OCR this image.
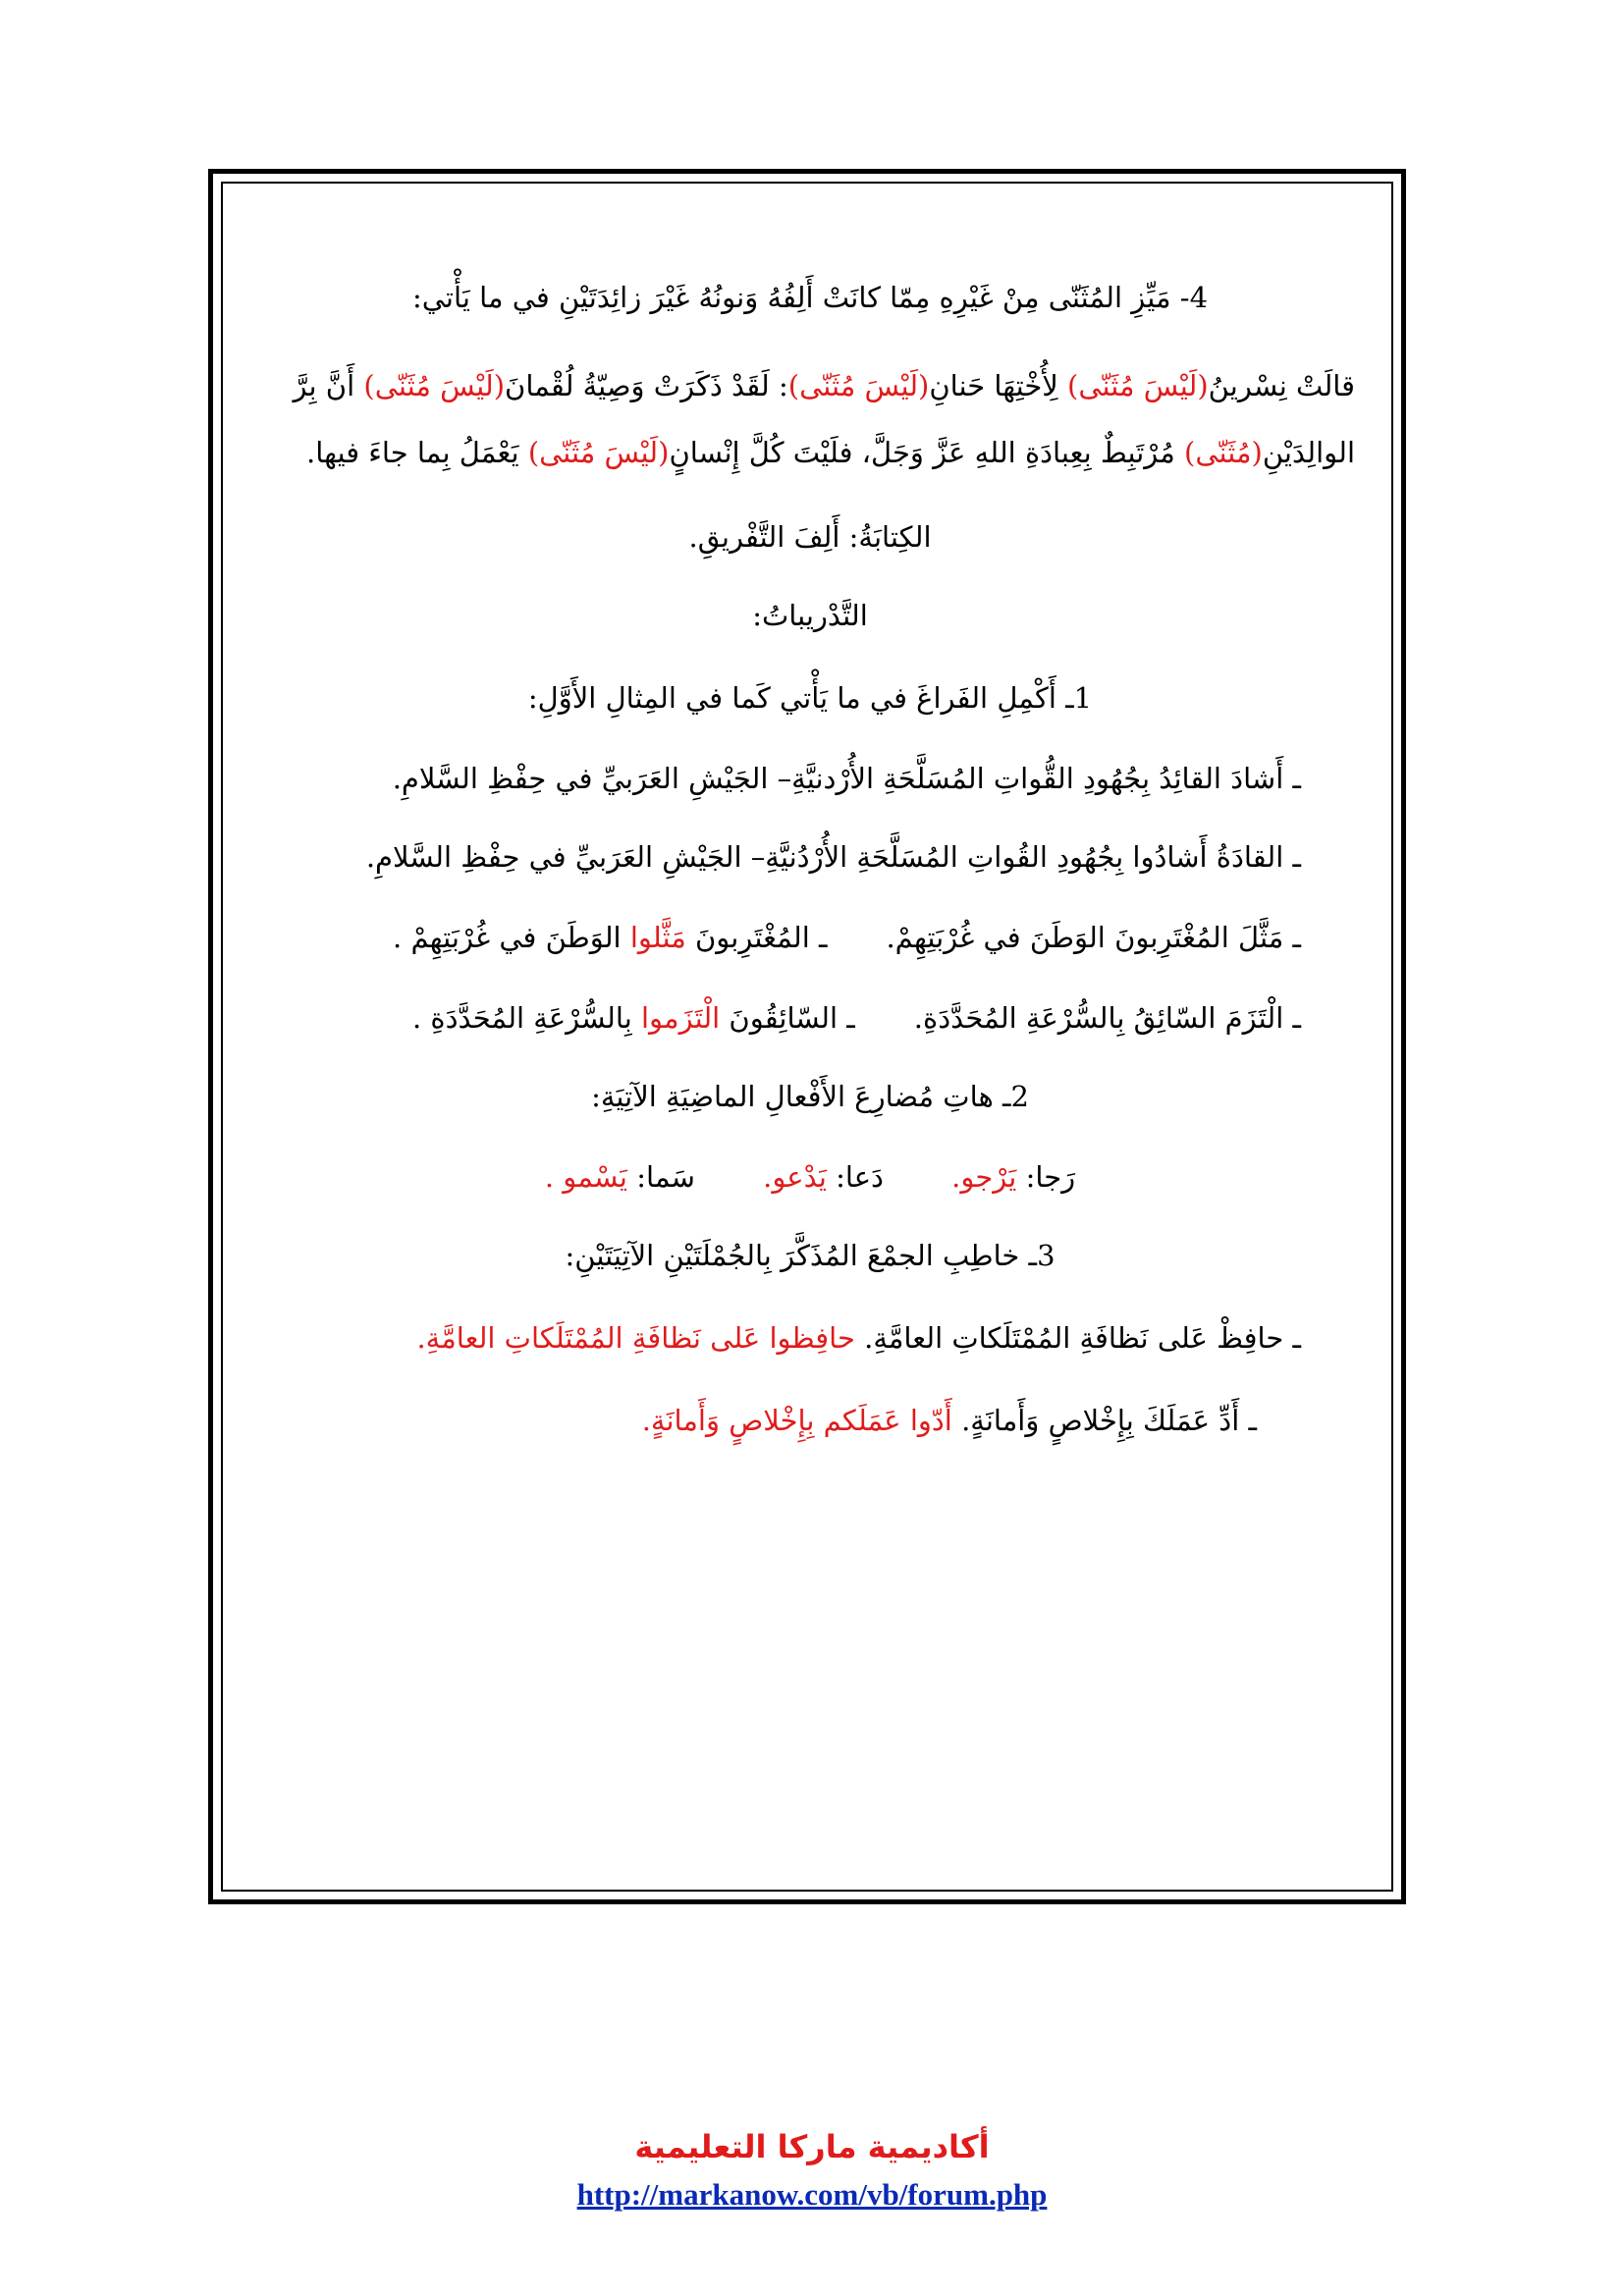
4- مَيِّزِ المُثَنّى مِنْ غَيْرِهِ مِمّا كانَتْ أَلِفُهُ وَنونُهُ غَيْرَ زائِدَتَيْنِ في ما يَأْتي:
قالَتْ نِسْرينُ(لَيْسَ مُثَنّى) لِأُخْتِهَا حَنانِ(لَيْسَ مُثَنّى): لَقَدْ ذَكَرَتْ وَصِيّةُ لُقْمانَ(لَيْسَ مُثَنّى) أَنَّ بِرَّ
الوالِدَيْنِ(مُثَنّى) مُرْتَبِطٌ بِعِبادَةِ اللهِ عَزَّ وَجَلَّ، فلَيْتَ كُلَّ إِنْسانٍ(لَيْسَ مُثَنّى) يَعْمَلُ بِما جاءَ فيها.
الكِتابَةُ: أَلِفَ التَّفْريقِ.
التَّدْريباتُ:
1ـ أَكْمِلِ الفَراغَ في ما يَأْتي كَما في المِثالِ الأَوَّلِ:
ـ أَشادَ القائِدُ بِجُهُودِ القُّواتِ المُسَلَّحَةِ الأُرْدنيَّةِ– الجَيْشِ العَرَبيِّ في حِفْظِ السَّلامِ.
ـ القادَةُ أَشادُوا بِجُهُودِ القُواتِ المُسَلَّحَةِ الأُرْدُنيَّةِ– الجَيْشِ العَرَبيِّ في حِفْظِ السَّلامِ.
ـ مَثَّلَ المُغْتَرِبونَ الوَطَنَ في غُرْبَتِهِمْ.ـ المُغْتَرِبونَ مَثَّلوا الوَطَنَ في غُرْبَتِهِمْ .
ـ الْتَزَمَ السّائِقُ بِالسُّرْعَةِ المُحَدَّدَةِ.ـ السّائِقُونَ الْتَزَموا بِالسُّرْعَةِ المُحَدَّدَةِ .
2ـ هاتِ مُضارِعَ الأَفْعالِ الماضِيَةِ الآتِيَةِ:
رَجا: يَرْجو. دَعا: يَدْعو. سَما: يَسْمو .
3ـ خاطِبِ الجمْعَ المُذَكَّرَ بِالجُمْلَتَيْنِ الآتِيَتَيْنِ:
ـ حافِظْ عَلى نَظافَةِ المُمْتَلَكاتِ العامَّةِ. حافِظوا عَلى نَظافَةِ المُمْتَلَكاتِ العامَّةِ.
ـ أَدِّ عَمَلَكَ بِإِخْلاصٍ وَأَمانَةٍ. أَدّوا عَمَلَكم بِإِخْلاصٍ وَأَمانَةٍ.
أكاديمية ماركا التعليمية
http://markanow.com/vb/forum.php
